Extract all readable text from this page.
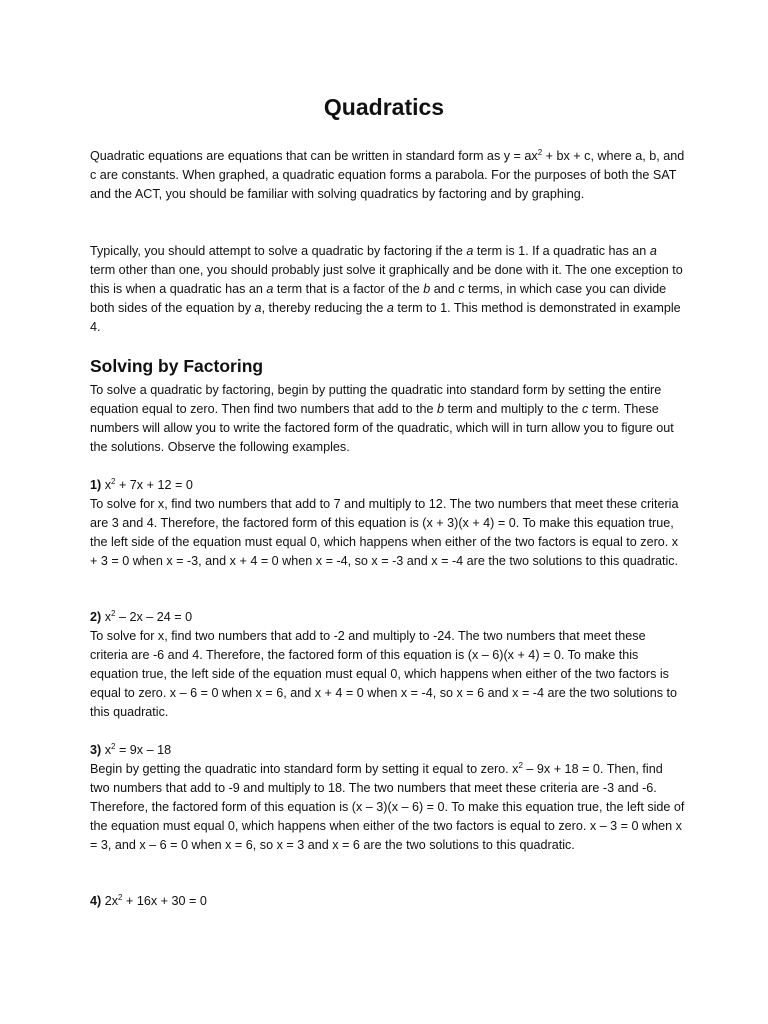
Quadratics

Quadratic equations are equations that can be written in standard form as $y = ax^2$ + bx + c, where a, b, and c are constants. When graphed, a quadratic equation forms a parabola. For the purposes of both the SAT and the ACT, you should be familiar with solving quadratics by factoring and by graphing.

Typically, you should attempt to solve a quadratic by factoring if the a term is 1. If a quadratic has an a term other than one, you should probably just solve it graphically and be done with it. The one exception to this is when a quadratic has an a term that is a factor of the b and c terms, in which case you can divide both sides of the equation by a, thereby reducing the a term to 1. This method is demonstrated in example 4.

Solving by Factoring

To solve a quadratic by factoring, begin by putting the quadratic into standard form by setting the entire equation equal to zero. Then find two numbers that add to the b term and multiply to the c term. These numbers will allow you to write the factored form of the quadratic, which will in turn allow you to figure out the solutions. Observe the following examples.

1) $x^2 + 7x + 12 = 0$

To solve for x, find two numbers that add to 7 and multiply to 12. The two numbers that meet these criteria are 3 and 4. Therefore, the factored form of this equation is (x + 3)(x + 4) = 0. To make this equation true, the left side of the equation must equal 0, which happens when either of the two factors is equal to zero. x + 3 = 0 when x = -3, and x + 4 = 0 when x = -4, so x = -3 and x = -4 are the two solutions to this quadratic.

2) $x^2 - 2x - 24 = 0$

To solve for x, find two numbers that add to -2 and multiply to -24. The two numbers that meet these criteria are -6 and 4. Therefore, the factored form of this equation is (x – 6)(x + 4) = 0. To make this equation true, the left side of the equation must equal 0, which happens when either of the two factors is equal to zero. x – 6 = 0 when x = 6, and x + 4 = 0 when x = -4, so x = 6 and x = -4 are the two solutions to this quadratic.

3) $x^2 = 9x - 18$

Begin by getting the quadratic into standard form by setting it equal to zero. $x^2 - 9x + 18 = 0$. Then, find two numbers that add to -9 and multiply to 18. The two numbers that meet these criteria are -3 and -6. Therefore, the factored form of this equation is (x – 3)(x – 6) = 0. To make this equation true, the left side of the equation must equal 0, which happens when either of the two factors is equal to zero. x – 3 = 0 when x = 3, and x – 6 = 0 when x = 6, so x = 3 and x = 6 are the two solutions to this quadratic.

4) $2x^2 + 16x + 30 = 0$
